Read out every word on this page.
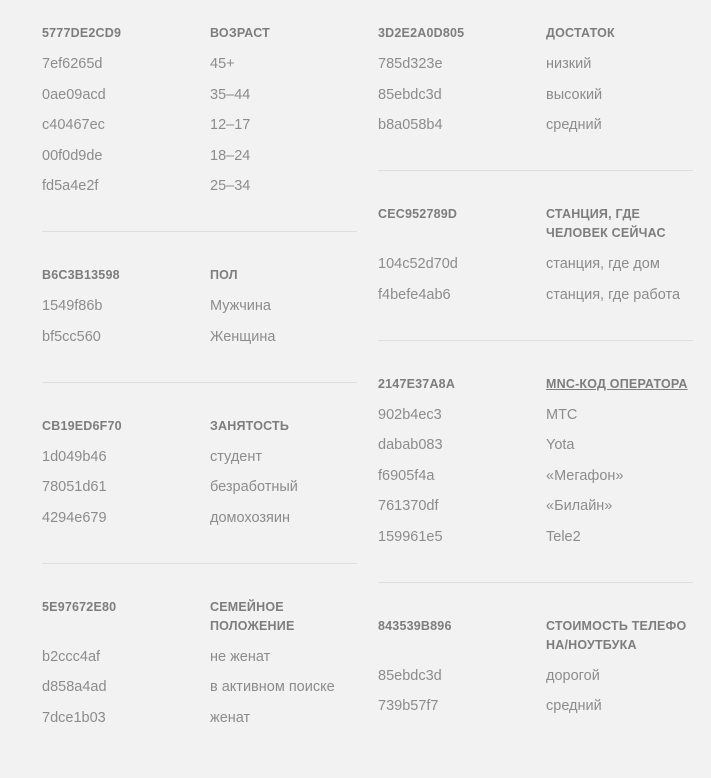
5777DE2CD9	ВОЗРАСТ
7ef6265d	45+
0ae09acd	35–44
c40467ec	12–17
00f0d9de	18–24
fd5a4e2f	25–34
B6C3B13598	ПОЛ
1549f86b	Мужчина
bf5cc560	Женщина
CB19ED6F70	ЗАНЯТОСТЬ
1d049b46	студент
78051d61	безработный
4294e679	домохозяин
5E97672E80	СЕМЕЙНОЕ ПОЛОЖЕНИЕ
b2ccc4af	не женат
d858a4ad	в активном поиске
7dce1b03	женат
3D2E2A0D805	ДОСТАТОК
785d323e	низкий
85ebdc3d	высокий
b8a058b4	средний
CEC952789D	СТАНЦИЯ, ГДЕ ЧЕЛОВЕК СЕЙЧАС
104c52d70d	станция, где дом
f4befe4ab6	станция, где работа
2147E37A8A	MNC-КОД ОПЕРАТОРА
902b4ec3	МТС
dabab083	Yota
f6905f4a	«Мегафон»
761370df	«Билайн»
159961e5	Tele2
843539B896	СТОИМОСТЬ ТЕЛЕФОНА/НОУТБУКА
85ebdc3d	дорогой
739b57f7	средний
